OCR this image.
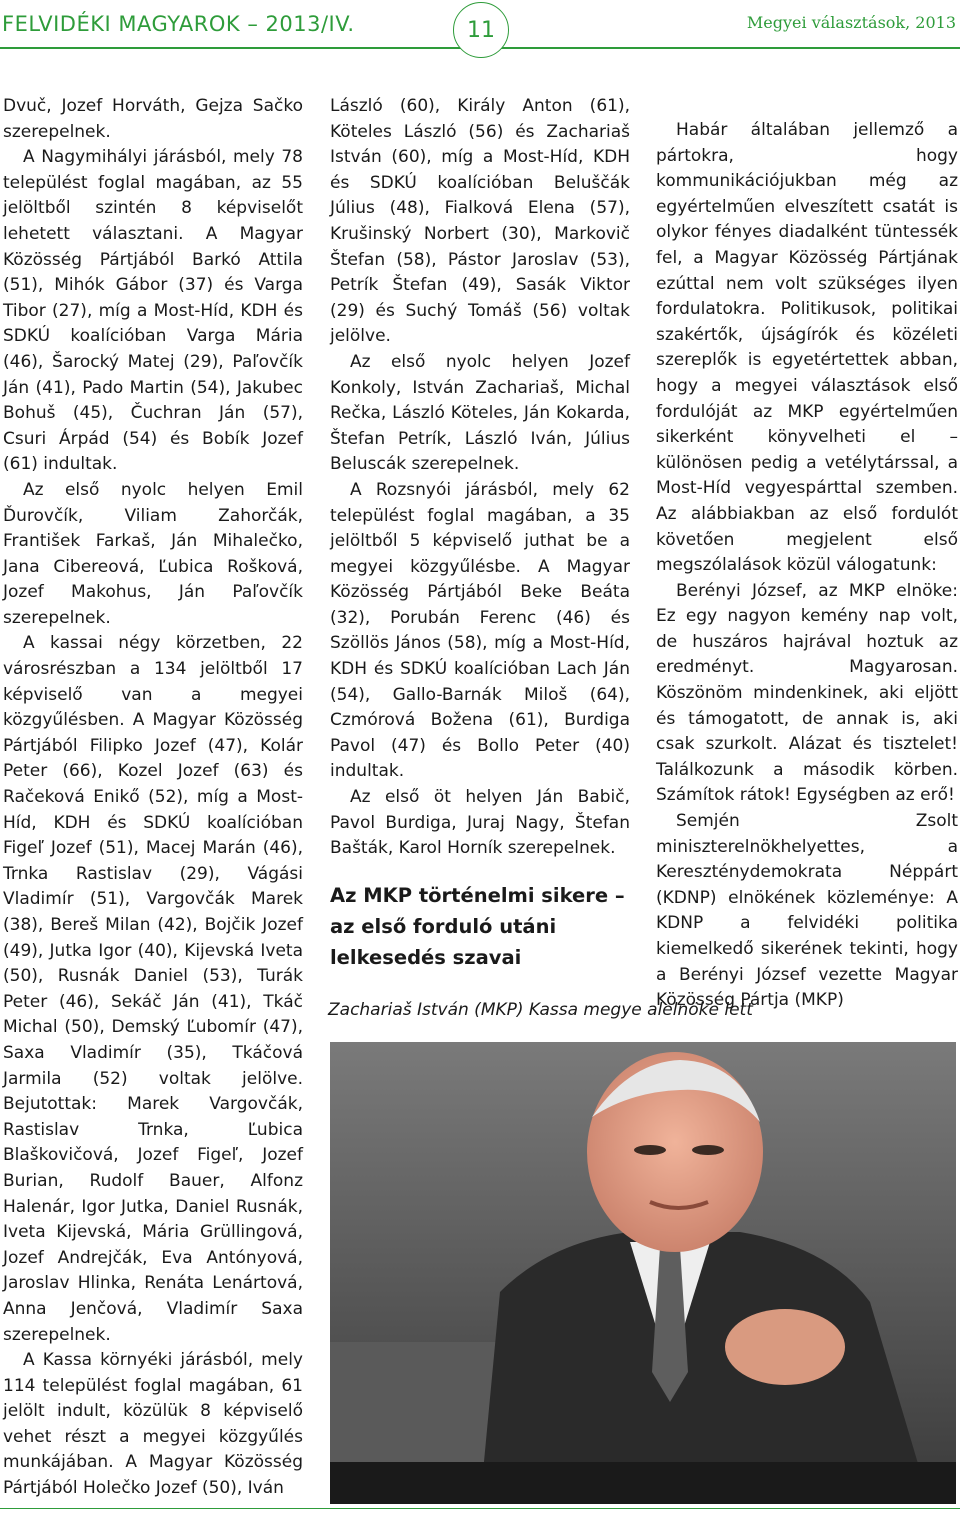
FELVIDÉKI MAGYAROK – 2013/IV.	11	Megyei választások, 2013

Dvuč, Jozef Horváth, Gejza Sačko szerepelnek.

A Nagymihályi járásból, mely 78 települést foglal magában, az 55 jelöltből szintén 8 képviselőt lehetett választani. A Magyar Közösség Pártjából Barkó Attila (51), Mihók Gábor (37) és Varga Tibor (27), míg a Most-Híd, KDH és SDKÚ koalícióban Varga Mária (46), Šarocký Matej (29), Paľovčík Ján (41), Pado Martin (54), Jakubec Bohuš (45), Čuchran Ján (57), Csuri Árpád (54) és Bobík Jozef (61) indultak.

Az első nyolc helyen Emil Ďurovčík, Viliam Zahorčák, František Farkaš, Ján Mihalečko, Jana Cibereová, Ľubica Rošková, Jozef Makohus, Ján Paľovčík szerepelnek.

A kassai négy körzetben, 22 városrészban a 134 jelöltből 17 képviselő van a megyei közgyűlésben. A Magyar Közösség Pártjából Filipko Jozef (47), Kolár Peter (66), Kozel Jozef (63) és Račeková Enikő (52), míg a Most-Híd, KDH és SDKÚ koalícióban Figeľ Jozef (51), Macej Marán (46), Trnka Rastislav (29), Vágási Vladimír (51), Vargovčák Marek (38), Bereš Milan (42), Bojčik Jozef (49), Jutka Igor (40), Kijevská Iveta (50), Rusnák Daniel (53), Turák Peter (46), Sekáč Ján (41), Tkáč Michal (50), Demský Ľubomír (47), Saxa Vladimír (35), Tkáčová Jarmila (52) voltak jelölve. Bejutottak: Marek Vargovčák, Rastislav Trnka, Ľubica Blaškovičová, Jozef Figeľ, Jozef Burian, Rudolf Bauer, Alfonz Halenár, Igor Jutka, Daniel Rusnák, Iveta Kijevská, Mária Grüllingová, Jozef Andrejčák, Eva Antónyová, Jaroslav Hlinka, Renáta Lenártová, Anna Jenčová, Vladimír Saxa szerepelnek.

A Kassa környéki járásból, mely 114 települést foglal magában, 61 jelölt indult, közülük 8 képviselő vehet részt a megyei közgyűlés munkájában. A Magyar Közösség Pártjából Holečko Jozef (50), Iván

László (60), Király Anton (61), Köteles László (56) és Zachariaš István (60), míg a Most-Híd, KDH és SDKÚ koalícióban Beluščák Július (48), Fialková Elena (57), Krušinský Norbert (30), Markovič Štefan (58), Pástor Jaroslav (53), Petrík Štefan (49), Sasák Viktor (29) és Suchý Tomáš (56) voltak jelölve.

Az első nyolc helyen Jozef Konkoly, István Zachariaš, Michal Rečka, László Köteles, Ján Kokarda, Štefan Petrík, László Iván, Július Beluscák szerepelnek.

A Rozsnyói járásból, mely 62 települést foglal magában, a 35 jelöltből 5 képviselő juthat be a megyei közgyűlésbe. A Magyar Közösség Pártjából Beke Beáta (32), Porubán Ferenc (46) és Szöllös János (58), míg a Most-Híd, KDH és SDKÚ koalícióban Lach Ján (54), Gallo-Barnák Miloš (64), Czmórová Božena (61), Burdiga Pavol (47) és Bollo Peter (40) indultak.

Az első öt helyen Ján Babič, Pavol Burdiga, Juraj Nagy, Štefan Bašták, Karol Horník szerepelnek.

Az MKP történelmi sikere – az első forduló utáni lelkesedés szavai

Habár általában jellemző a pártokra, hogy kommunikációjukban még az egyértelműen elveszített csatát is olykor fényes diadalként tüntessék fel, a Magyar Közösség Pártjának ezúttal nem volt szükséges ilyen fordulatokra. Politikusok, politikai szakértők, újságírók és közéleti szereplők is egyetértettek abban, hogy a megyei választások első fordulóját az MKP egyértelműen sikerként könyvelheti el – különösen pedig a vetélytárssal, a Most-Híd vegyespárttal szemben. Az alábbiakban az első fordulót követően megjelent első megszólalások közül válogatunk:

Berényi József, az MKP elnöke: Ez egy nagyon kemény nap volt, de huszáros hajrával hoztuk az eredményt. Magyarosan. Köszönöm mindenkinek, aki eljött és támogatott, de annak is, aki csak szurkolt. Alázat és tisztelet! Találkozunk a második körben. Számítok rátok! Egységben az erő!

Semjén Zsolt miniszterelnökhelyettes, a Kereszténydemokrata Néppárt (KDNP) elnökének közleménye: A KDNP a felvidéki politika kiemelkedő sikerének tekinti, hogy a Berényi József vezette Magyar Közösség Pártja (MKP)

Zachariaš István (MKP) Kassa megye alelnöke lett
